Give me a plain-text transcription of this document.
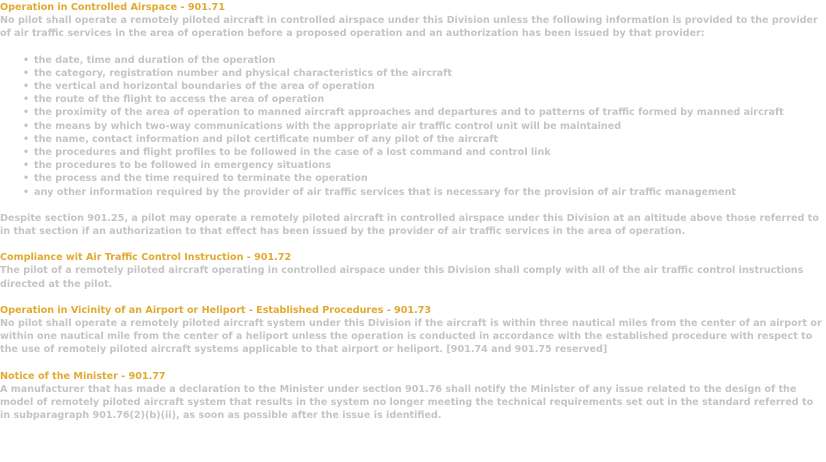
Operation in Controlled Airspace - 901.71

No pilot shall operate a remotely piloted aircraft in controlled airspace under this Division unless the following information is provided to the provider of air traffic services in the area of operation before a proposed operation and an authorization has been issued by that provider:

• the date, time and duration of the operation
• the category, registration number and physical characteristics of the aircraft
• the vertical and horizontal boundaries of the area of operation
• the route of the flight to access the area of operation
• the proximity of the area of operation to manned aircraft approaches and departures and to patterns of traffic formed by manned aircraft
• the means by which two-way communications with the appropriate air traffic control unit will be maintained
• the name, contact information and pilot certificate number of any pilot of the aircraft
• the procedures and flight profiles to be followed in the case of a lost command and control link
• the procedures to be followed in emergency situations
• the process and the time required to terminate the operation
• any other information required by the provider of air traffic services that is necessary for the provision of air traffic management

Despite section 901.25, a pilot may operate a remotely piloted aircraft in controlled airspace under this Division at an altitude above those referred to in that section if an authorization to that effect has been issued by the provider of air traffic services in the area of operation.

Compliance wit Air Traffic Control Instruction - 901.72

The pilot of a remotely piloted aircraft operating in controlled airspace under this Division shall comply with all of the air traffic control instructions directed at the pilot.

Operation in Vicinity of an Airport or Heliport - Established Procedures - 901.73

No pilot shall operate a remotely piloted aircraft system under this Division if the aircraft is within three nautical miles from the center of an airport or within one nautical mile from the center of a heliport unless the operation is conducted in accordance with the established procedure with respect to the use of remotely piloted aircraft systems applicable to that airport or heliport. [901.74 and 901.75 reserved]

Notice of the Minister - 901.77

A manufacturer that has made a declaration to the Minister under section 901.76 shall notify the Minister of any issue related to the design of the model of remotely piloted aircraft system that results in the system no longer meeting the technical requirements set out in the standard referred to in subparagraph 901.76(2)(b)(ii), as soon as possible after the issue is identified.
